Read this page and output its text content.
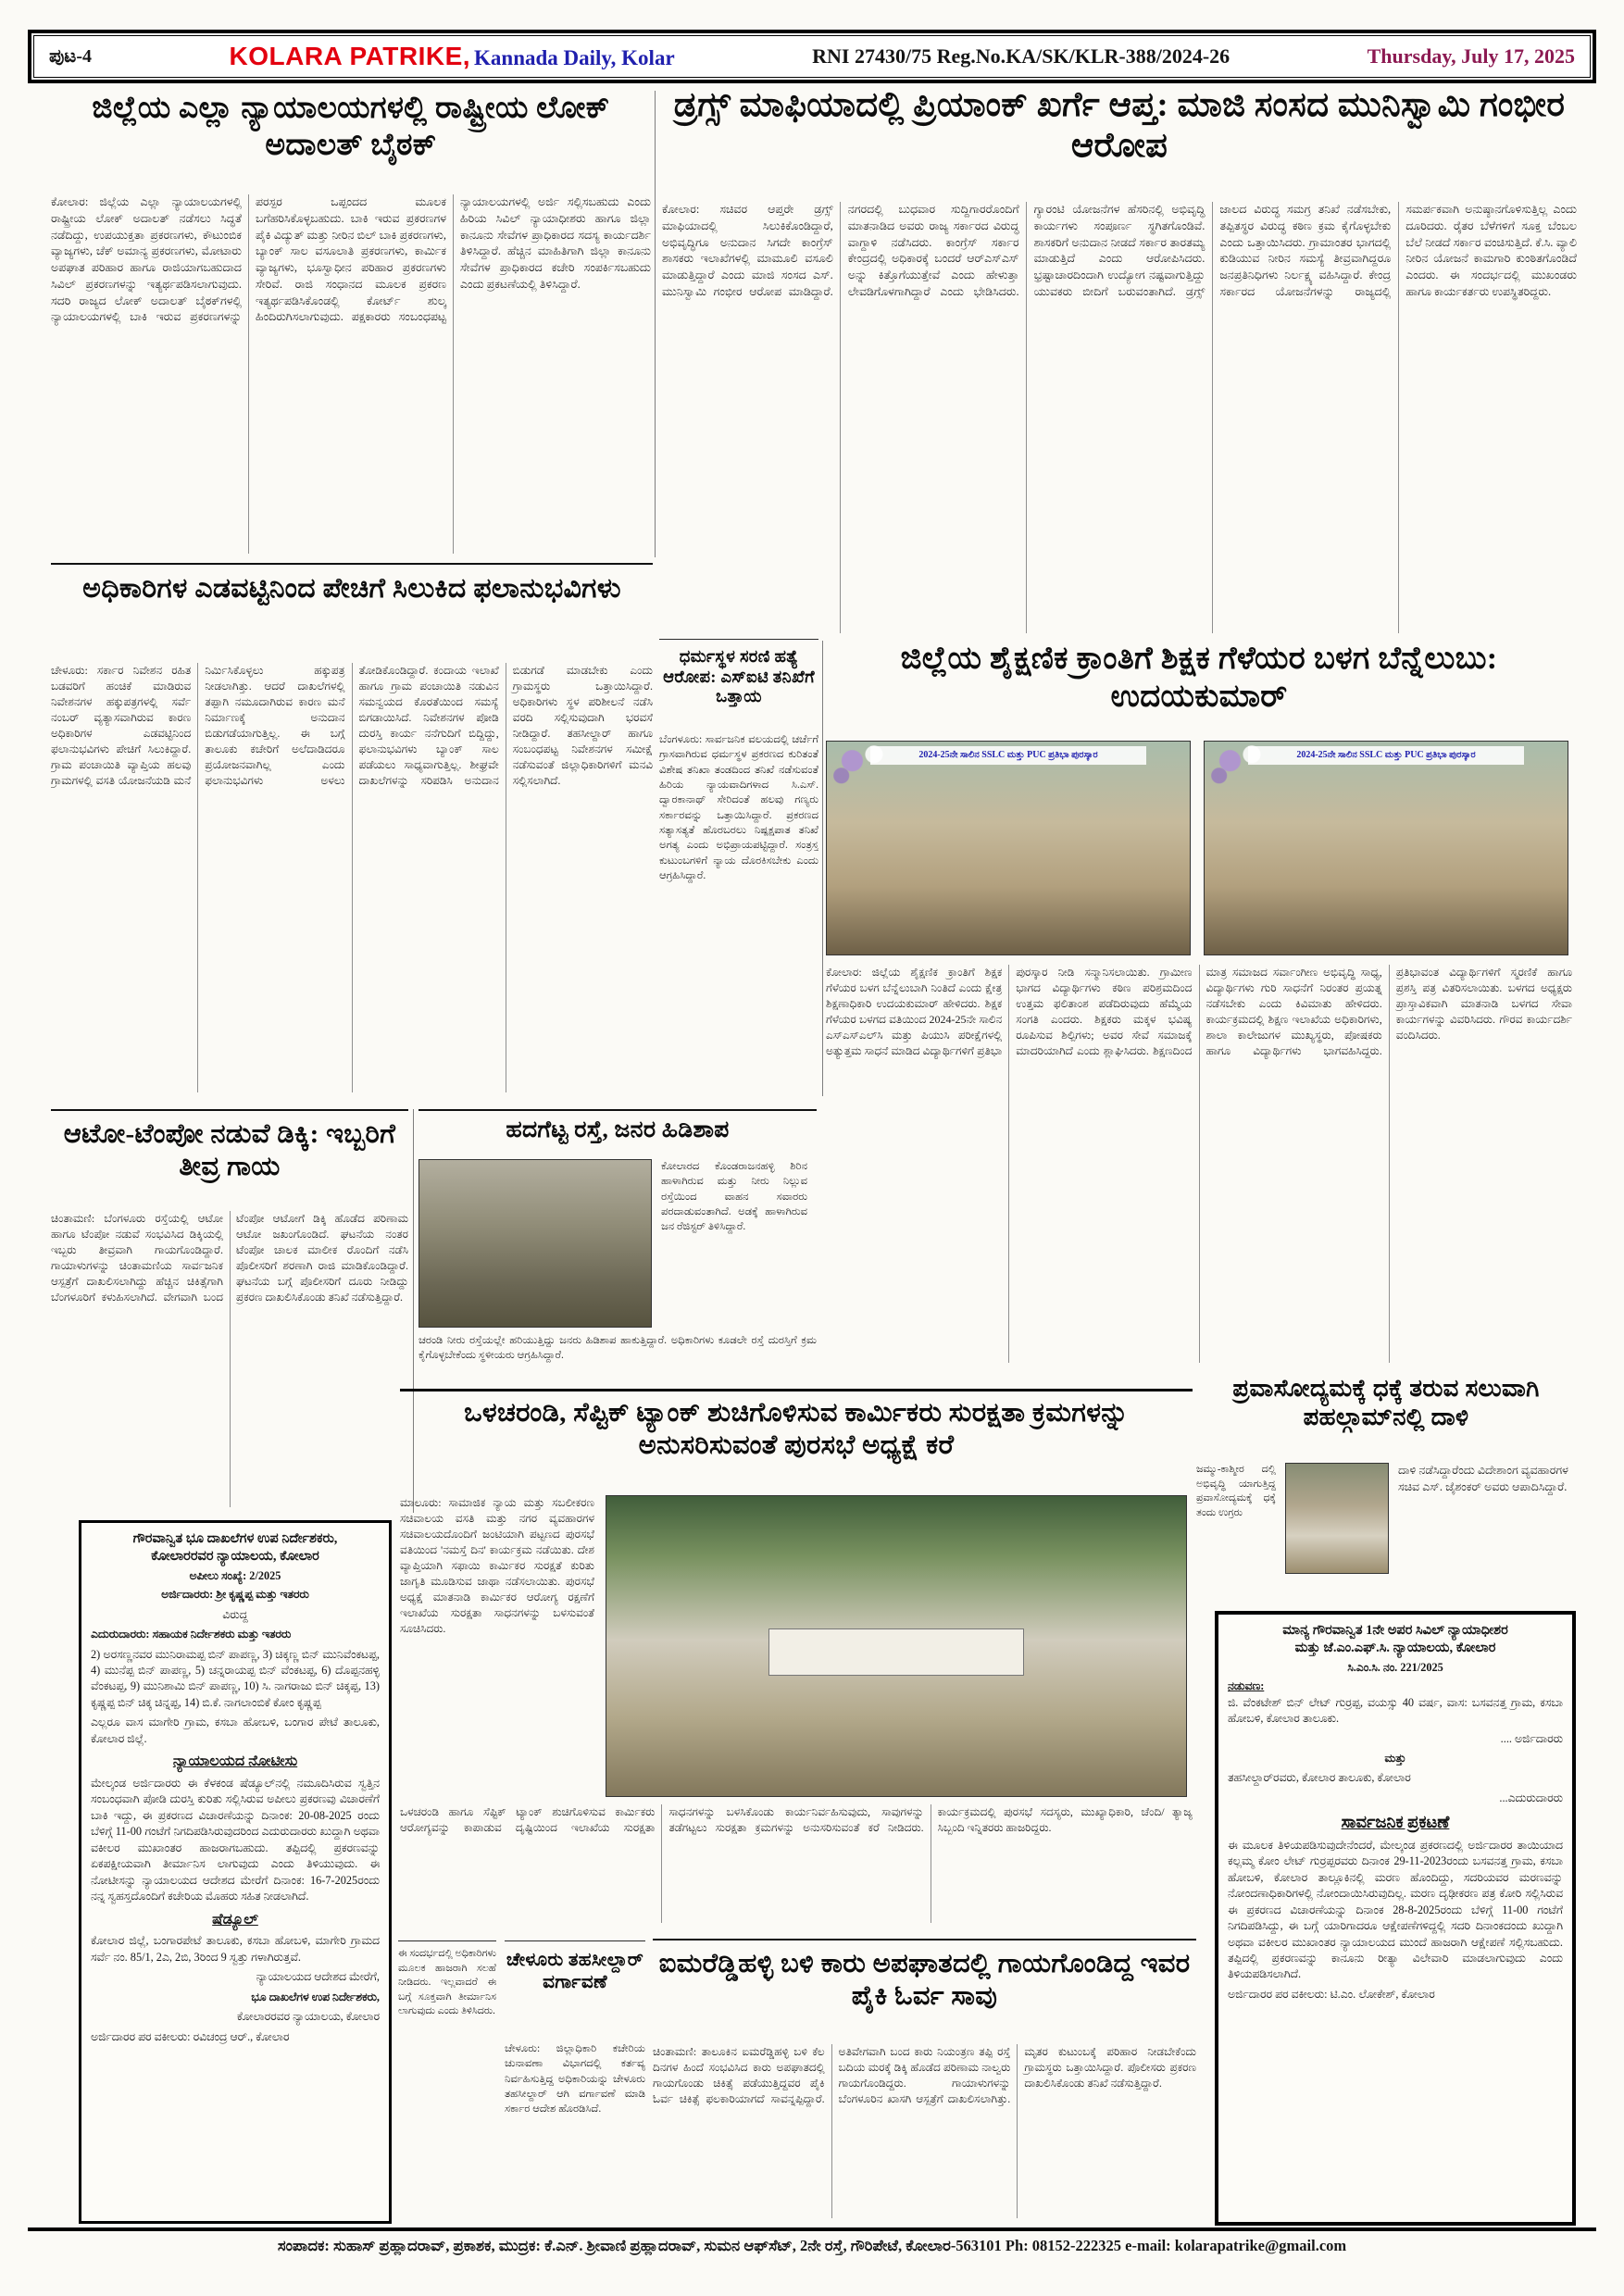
ಪುಟ-4	KOLARA PATRIKE, Kannada Daily, Kolar	RNI 27430/75 Reg.No.KA/SK/KLR-388/2024-26	Thursday, July 17, 2025
ಜಿಲ್ಲೆಯ ಎಲ್ಲಾ ನ್ಯಾಯಾಲಯಗಳಲ್ಲಿ ರಾಷ್ಟ್ರೀಯ ಲೋಕ್ ಅದಾಲತ್ ಬೈಠಕ್
ಕೋಲಾರ: ಜಿಲ್ಲೆಯ ಎಲ್ಲಾ ನ್ಯಾಯಾಲಯಗಳಲ್ಲಿ ರಾಷ್ಟ್ರೀಯ ಲೋಕ್ ಅದಾಲತ್ ನಡೆಸಲು ಸಿದ್ಧತೆ ನಡೆದಿದ್ದು, ಉಪಯುಕ್ತತಾ ಪ್ರಕರಣಗಳು, ಕೌಟುಂಬಿಕ ವ್ಯಾಜ್ಯಗಳು, ಚೆಕ್ ಅಮಾನ್ಯ ಪ್ರಕರಣಗಳು, ಮೋಟಾರು ಅಪಘಾತ ಪರಿಹಾರ ಹಾಗೂ ರಾಜಿಯಾಗಬಹುದಾದ ಸಿವಿಲ್ ಪ್ರಕರಣಗಳನ್ನು ಇತ್ಯರ್ಥಪಡಿಸಲಾಗುವುದು. ಸದರಿ ರಾಜ್ಯದ ಲೋಕ್ ಅದಾಲತ್ ಬೈಠಕ್‌ಗಳಲ್ಲಿ ನ್ಯಾಯಾಲಯಗಳಲ್ಲಿ ಬಾಕಿ ಇರುವ ಪ್ರಕರಣಗಳನ್ನು ಪರಸ್ಪರ ಒಪ್ಪಂದದ ಮೂಲಕ ಬಗೆಹರಿಸಿಕೊಳ್ಳಬಹುದು. ಬಾಕಿ ಇರುವ ಪ್ರಕರಣಗಳ ಪೈಕಿ ವಿದ್ಯುತ್ ಮತ್ತು ನೀರಿನ ಬಿಲ್ ಬಾಕಿ ಪ್ರಕರಣಗಳು, ಬ್ಯಾಂಕ್ ಸಾಲ ವಸೂಲಾತಿ ಪ್ರಕರಣಗಳು, ಕಾರ್ಮಿಕ ವ್ಯಾಜ್ಯಗಳು, ಭೂಸ್ವಾಧೀನ ಪರಿಹಾರ ಪ್ರಕರಣಗಳು ಸೇರಿವೆ. ರಾಜಿ ಸಂಧಾನದ ಮೂಲಕ ಪ್ರಕರಣ ಇತ್ಯರ್ಥಪಡಿಸಿಕೊಂಡಲ್ಲಿ ಕೋರ್ಟ್ ಶುಲ್ಕ ಹಿಂದಿರುಗಿಸಲಾಗುವುದು. ಪಕ್ಷಕಾರರು ಸಂಬಂಧಪಟ್ಟ ನ್ಯಾಯಾಲಯಗಳಲ್ಲಿ ಅರ್ಜಿ ಸಲ್ಲಿಸಬಹುದು ಎಂದು ಹಿರಿಯ ಸಿವಿಲ್ ನ್ಯಾಯಾಧೀಶರು ಹಾಗೂ ಜಿಲ್ಲಾ ಕಾನೂನು ಸೇವೆಗಳ ಪ್ರಾಧಿಕಾರದ ಸದಸ್ಯ ಕಾರ್ಯದರ್ಶಿ ತಿಳಿಸಿದ್ದಾರೆ. ಹೆಚ್ಚಿನ ಮಾಹಿತಿಗಾಗಿ ಜಿಲ್ಲಾ ಕಾನೂನು ಸೇವೆಗಳ ಪ್ರಾಧಿಕಾರದ ಕಚೇರಿ ಸಂಪರ್ಕಿಸಬಹುದು ಎಂದು ಪ್ರಕಟಣೆಯಲ್ಲಿ ತಿಳಿಸಿದ್ದಾರೆ.
ಡ್ರಗ್ಸ್ ಮಾಫಿಯಾದಲ್ಲಿ ಪ್ರಿಯಾಂಕ್ ಖರ್ಗೆ ಆಪ್ತ: ಮಾಜಿ ಸಂಸದ ಮುನಿಸ್ವಾಮಿ ಗಂಭೀರ ಆರೋಪ
ಕೋಲಾರ: ಸಚಿವರ ಆಪ್ತರೇ ಡ್ರಗ್ಸ್ ಮಾಫಿಯಾದಲ್ಲಿ ಸಿಲುಕಿಕೊಂಡಿದ್ದಾರೆ, ಅಭಿವೃದ್ಧಿಗೂ ಅನುದಾನ ಸಿಗದೇ ಕಾಂಗ್ರೆಸ್ ಶಾಸಕರು ಇಲಾಖೆಗಳಲ್ಲಿ ಮಾಮೂಲಿ ವಸೂಲಿ ಮಾಡುತ್ತಿದ್ದಾರೆ ಎಂದು ಮಾಜಿ ಸಂಸದ ಎಸ್. ಮುನಿಸ್ವಾಮಿ ಗಂಭೀರ ಆರೋಪ ಮಾಡಿದ್ದಾರೆ. ನಗರದಲ್ಲಿ ಬುಧವಾರ ಸುದ್ದಿಗಾರರೊಂದಿಗೆ ಮಾತನಾಡಿದ ಅವರು ರಾಜ್ಯ ಸರ್ಕಾರದ ವಿರುದ್ಧ ವಾಗ್ದಾಳಿ ನಡೆಸಿದರು. ಕಾಂಗ್ರೆಸ್ ಸರ್ಕಾರ ಕೇಂದ್ರದಲ್ಲಿ ಅಧಿಕಾರಕ್ಕೆ ಬಂದರೆ ಆರ್‌ಎಸ್‌ಎಸ್ ಅನ್ನು ಕಿತ್ತೊಗೆಯುತ್ತೇವೆ ಎಂದು ಹೇಳುತ್ತಾ ಲೇವಡಿಗೊಳಗಾಗಿದ್ದಾರೆ ಎಂದು ಭೇಡಿಸಿದರು. ಗ್ಯಾರಂಟಿ ಯೋಜನೆಗಳ ಹೆಸರಿನಲ್ಲಿ ಅಭಿವೃದ್ಧಿ ಕಾರ್ಯಗಳು ಸಂಪೂರ್ಣ ಸ್ಥಗಿತಗೊಂಡಿವೆ. ಶಾಸಕರಿಗೆ ಅನುದಾನ ನೀಡದೆ ಸರ್ಕಾರ ತಾರತಮ್ಯ ಮಾಡುತ್ತಿದೆ ಎಂದು ಆರೋಪಿಸಿದರು. ಭ್ರಷ್ಟಾಚಾರದಿಂದಾಗಿ ಉದ್ಯೋಗ ನಷ್ಟವಾಗುತ್ತಿದ್ದು ಯುವಕರು ಬೀದಿಗೆ ಬರುವಂತಾಗಿದೆ. ಡ್ರಗ್ಸ್ ಜಾಲದ ವಿರುದ್ಧ ಸಮಗ್ರ ತನಿಖೆ ನಡೆಸಬೇಕು, ತಪ್ಪಿತಸ್ಥರ ವಿರುದ್ಧ ಕಠಿಣ ಕ್ರಮ ಕೈಗೊಳ್ಳಬೇಕು ಎಂದು ಒತ್ತಾಯಿಸಿದರು. ಗ್ರಾಮಾಂತರ ಭಾಗದಲ್ಲಿ ಕುಡಿಯುವ ನೀರಿನ ಸಮಸ್ಯೆ ತೀವ್ರವಾಗಿದ್ದರೂ ಜನಪ್ರತಿನಿಧಿಗಳು ನಿರ್ಲಕ್ಷ್ಯ ವಹಿಸಿದ್ದಾರೆ. ಕೇಂದ್ರ ಸರ್ಕಾರದ ಯೋಜನೆಗಳನ್ನು ರಾಜ್ಯದಲ್ಲಿ ಸಮರ್ಪಕವಾಗಿ ಅನುಷ್ಠಾನಗೊಳಿಸುತ್ತಿಲ್ಲ ಎಂದು ದೂರಿದರು. ರೈತರ ಬೆಳೆಗಳಿಗೆ ಸೂಕ್ತ ಬೆಂಬಲ ಬೆಲೆ ನೀಡದೆ ಸರ್ಕಾರ ವಂಚಿಸುತ್ತಿದೆ. ಕೆ.ಸಿ. ವ್ಯಾಲಿ ನೀರಿನ ಯೋಜನೆ ಕಾಮಗಾರಿ ಕುಂಠಿತಗೊಂಡಿದೆ ಎಂದರು. ಈ ಸಂದರ್ಭದಲ್ಲಿ ಮುಖಂಡರು ಹಾಗೂ ಕಾರ್ಯಕರ್ತರು ಉಪಸ್ಥಿತರಿದ್ದರು.
ಅಧಿಕಾರಿಗಳ ಎಡವಟ್ಟಿನಿಂದ ಪೇಚಿಗೆ ಸಿಲುಕಿದ ಫಲಾನುಭವಿಗಳು
ಚೇಳೂರು: ಸರ್ಕಾರ ನಿವೇಶನ ರಹಿತ ಬಡವರಿಗೆ ಹಂಚಿಕೆ ಮಾಡಿರುವ ನಿವೇಶನಗಳ ಹಕ್ಕುಪತ್ರಗಳಲ್ಲಿ ಸರ್ವೆ ನಂಬರ್ ವ್ಯತ್ಯಾಸವಾಗಿರುವ ಕಾರಣ ಅಧಿಕಾರಿಗಳ ಎಡವಟ್ಟಿನಿಂದ ಫಲಾನುಭವಿಗಳು ಪೇಚಿಗೆ ಸಿಲುಕಿದ್ದಾರೆ. ಗ್ರಾಮ ಪಂಚಾಯಿತಿ ವ್ಯಾಪ್ತಿಯ ಹಲವು ಗ್ರಾಮಗಳಲ್ಲಿ ವಸತಿ ಯೋಜನೆಯಡಿ ಮನೆ ನಿರ್ಮಿಸಿಕೊಳ್ಳಲು ಹಕ್ಕುಪತ್ರ ನೀಡಲಾಗಿತ್ತು. ಆದರೆ ದಾಖಲೆಗಳಲ್ಲಿ ತಪ್ಪಾಗಿ ನಮೂದಾಗಿರುವ ಕಾರಣ ಮನೆ ನಿರ್ಮಾಣಕ್ಕೆ ಅನುದಾನ ಬಿಡುಗಡೆಯಾಗುತ್ತಿಲ್ಲ. ಈ ಬಗ್ಗೆ ತಾಲೂಕು ಕಚೇರಿಗೆ ಅಲೆದಾಡಿದರೂ ಪ್ರಯೋಜನವಾಗಿಲ್ಲ ಎಂದು ಫಲಾನುಭವಿಗಳು ಅಳಲು ತೋಡಿಕೊಂಡಿದ್ದಾರೆ. ಕಂದಾಯ ಇಲಾಖೆ ಹಾಗೂ ಗ್ರಾಮ ಪಂಚಾಯಿತಿ ನಡುವಿನ ಸಮನ್ವಯದ ಕೊರತೆಯಿಂದ ಸಮಸ್ಯೆ ಬಿಗಡಾಯಿಸಿದೆ. ನಿವೇಶನಗಳ ಪೋಡಿ ದುರಸ್ತಿ ಕಾರ್ಯ ನನೆಗುದಿಗೆ ಬಿದ್ದಿದ್ದು, ಫಲಾನುಭವಿಗಳು ಬ್ಯಾಂಕ್ ಸಾಲ ಪಡೆಯಲು ಸಾಧ್ಯವಾಗುತ್ತಿಲ್ಲ. ಶೀಘ್ರವೇ ದಾಖಲೆಗಳನ್ನು ಸರಿಪಡಿಸಿ ಅನುದಾನ ಬಿಡುಗಡೆ ಮಾಡಬೇಕು ಎಂದು ಗ್ರಾಮಸ್ಥರು ಒತ್ತಾಯಿಸಿದ್ದಾರೆ. ಅಧಿಕಾರಿಗಳು ಸ್ಥಳ ಪರಿಶೀಲನೆ ನಡೆಸಿ ವರದಿ ಸಲ್ಲಿಸುವುದಾಗಿ ಭರವಸೆ ನೀಡಿದ್ದಾರೆ. ತಹಸೀಲ್ದಾರ್ ಹಾಗೂ ಸಂಬಂಧಪಟ್ಟ ನಿವೇಶನಗಳ ಸಮೀಕ್ಷೆ ನಡೆಸುವಂತೆ ಜಿಲ್ಲಾಧಿಕಾರಿಗಳಿಗೆ ಮನವಿ ಸಲ್ಲಿಸಲಾಗಿದೆ.
ಧರ್ಮಸ್ಥಳ ಸರಣಿ ಹತ್ಯೆ ಆರೋಪ: ಎಸ್ಐಟಿ ತನಿಖೆಗೆ ಒತ್ತಾಯ
ಬೆಂಗಳೂರು: ಸಾರ್ವಜನಿಕ ವಲಯದಲ್ಲಿ ಚರ್ಚೆಗೆ ಗ್ರಾಸವಾಗಿರುವ ಧರ್ಮಸ್ಥಳ ಪ್ರಕರಣದ ಕುರಿತಂತೆ ವಿಶೇಷ ತನಿಖಾ ತಂಡದಿಂದ ತನಿಖೆ ನಡೆಸುವಂತೆ ಹಿರಿಯ ನ್ಯಾಯವಾದಿಗಳಾದ ಸಿ.ಎಸ್. ದ್ವಾರಕಾನಾಥ್ ಸೇರಿದಂತೆ ಹಲವು ಗಣ್ಯರು ಸರ್ಕಾರವನ್ನು ಒತ್ತಾಯಿಸಿದ್ದಾರೆ. ಪ್ರಕರಣದ ಸತ್ಯಾಸತ್ಯತೆ ಹೊರಬರಲು ನಿಷ್ಪಕ್ಷಪಾತ ತನಿಖೆ ಅಗತ್ಯ ಎಂದು ಅಭಿಪ್ರಾಯಪಟ್ಟಿದ್ದಾರೆ. ಸಂತ್ರಸ್ತ ಕುಟುಂಬಗಳಿಗೆ ನ್ಯಾಯ ದೊರಕಿಸಬೇಕು ಎಂದು ಆಗ್ರಹಿಸಿದ್ದಾರೆ.
ಜಿಲ್ಲೆಯ ಶೈಕ್ಷಣಿಕ ಕ್ರಾಂತಿಗೆ ಶಿಕ್ಷಕ ಗೆಳೆಯರ ಬಳಗ ಬೆನ್ನೆಲುಬು: ಉದಯಕುಮಾರ್
2024-25ನೇ ಸಾಲಿನ SSLC ಮತ್ತು PUC ಪ್ರತಿಭಾ ಪುರಸ್ಕಾರ	2024-25ನೇ ಸಾಲಿನ SSLC ಮತ್ತು PUC ಪ್ರತಿಭಾ ಪುರಸ್ಕಾರ
ಕೋಲಾರ: ಜಿಲ್ಲೆಯ ಶೈಕ್ಷಣಿಕ ಕ್ರಾಂತಿಗೆ ಶಿಕ್ಷಕ ಗೆಳೆಯರ ಬಳಗ ಬೆನ್ನೆಲುಬಾಗಿ ನಿಂತಿದೆ ಎಂದು ಕ್ಷೇತ್ರ ಶಿಕ್ಷಣಾಧಿಕಾರಿ ಉದಯಕುಮಾರ್ ಹೇಳಿದರು. ಶಿಕ್ಷಕ ಗೆಳೆಯರ ಬಳಗದ ವತಿಯಿಂದ 2024-25ನೇ ಸಾಲಿನ ಎಸ್‌ಎಸ್‌ಎಲ್‌ಸಿ ಮತ್ತು ಪಿಯುಸಿ ಪರೀಕ್ಷೆಗಳಲ್ಲಿ ಅತ್ಯುತ್ತಮ ಸಾಧನೆ ಮಾಡಿದ ವಿದ್ಯಾರ್ಥಿಗಳಿಗೆ ಪ್ರತಿಭಾ ಪುರಸ್ಕಾರ ನೀಡಿ ಸನ್ಮಾನಿಸಲಾಯಿತು. ಗ್ರಾಮೀಣ ಭಾಗದ ವಿದ್ಯಾರ್ಥಿಗಳು ಕಠಿಣ ಪರಿಶ್ರಮದಿಂದ ಉತ್ತಮ ಫಲಿತಾಂಶ ಪಡೆದಿರುವುದು ಹೆಮ್ಮೆಯ ಸಂಗತಿ ಎಂದರು. ಶಿಕ್ಷಕರು ಮಕ್ಕಳ ಭವಿಷ್ಯ ರೂಪಿಸುವ ಶಿಲ್ಪಿಗಳು; ಅವರ ಸೇವೆ ಸಮಾಜಕ್ಕೆ ಮಾದರಿಯಾಗಿದೆ ಎಂದು ಶ್ಲಾಘಿಸಿದರು. ಶಿಕ್ಷಣದಿಂದ ಮಾತ್ರ ಸಮಾಜದ ಸರ್ವಾಂಗೀಣ ಅಭಿವೃದ್ಧಿ ಸಾಧ್ಯ, ವಿದ್ಯಾರ್ಥಿಗಳು ಗುರಿ ಸಾಧನೆಗೆ ನಿರಂತರ ಪ್ರಯತ್ನ ನಡೆಸಬೇಕು ಎಂದು ಕಿವಿಮಾತು ಹೇಳಿದರು. ಕಾರ್ಯಕ್ರಮದಲ್ಲಿ ಶಿಕ್ಷಣ ಇಲಾಖೆಯ ಅಧಿಕಾರಿಗಳು, ಶಾಲಾ ಕಾಲೇಜುಗಳ ಮುಖ್ಯಸ್ಥರು, ಪೋಷಕರು ಹಾಗೂ ವಿದ್ಯಾರ್ಥಿಗಳು ಭಾಗವಹಿಸಿದ್ದರು. ಪ್ರತಿಭಾವಂತ ವಿದ್ಯಾರ್ಥಿಗಳಿಗೆ ಸ್ಮರಣಿಕೆ ಹಾಗೂ ಪ್ರಶಸ್ತಿ ಪತ್ರ ವಿತರಿಸಲಾಯಿತು. ಬಳಗದ ಅಧ್ಯಕ್ಷರು ಪ್ರಾಸ್ತಾವಿಕವಾಗಿ ಮಾತನಾಡಿ ಬಳಗದ ಸೇವಾ ಕಾರ್ಯಗಳನ್ನು ವಿವರಿಸಿದರು. ಗೌರವ ಕಾರ್ಯದರ್ಶಿ ವಂದಿಸಿದರು.
ಆಟೋ-ಟೆಂಪೋ ನಡುವೆ ಡಿಕ್ಕಿ: ಇಬ್ಬರಿಗೆ ತೀವ್ರ ಗಾಯ
ಚಿಂತಾಮಣಿ: ಬೆಂಗಳೂರು ರಸ್ತೆಯಲ್ಲಿ ಆಟೋ ಹಾಗೂ ಟೆಂಪೋ ನಡುವೆ ಸಂಭವಿಸಿದ ಡಿಕ್ಕಿಯಲ್ಲಿ ಇಬ್ಬರು ತೀವ್ರವಾಗಿ ಗಾಯಗೊಂಡಿದ್ದಾರೆ. ಗಾಯಾಳುಗಳನ್ನು ಚಿಂತಾಮಣಿಯ ಸಾರ್ವಜನಿಕ ಆಸ್ಪತ್ರೆಗೆ ದಾಖಲಿಸಲಾಗಿದ್ದು ಹೆಚ್ಚಿನ ಚಿಕಿತ್ಸೆಗಾಗಿ ಬೆಂಗಳೂರಿಗೆ ಕಳುಹಿಸಲಾಗಿದೆ. ವೇಗವಾಗಿ ಬಂದ ಟೆಂಪೋ ಆಟೋಗೆ ಡಿಕ್ಕಿ ಹೊಡೆದ ಪರಿಣಾಮ ಆಟೋ ಜಖಂಗೊಂಡಿದೆ. ಘಟನೆಯ ನಂತರ ಟೆಂಪೋ ಚಾಲಕ ಮಾಲೀಕ ರೊಂದಿಗೆ ನಡೆಸಿ ಪೊಲೀಸರಿಗೆ ಶರಣಾಗಿ ರಾಜಿ ಮಾಡಿಕೊಂಡಿದ್ದಾರೆ. ಘಟನೆಯ ಬಗ್ಗೆ ಪೊಲೀಸರಿಗೆ ದೂರು ನೀಡಿದ್ದು ಪ್ರಕರಣ ದಾಖಲಿಸಿಕೊಂಡು ತನಿಖೆ ನಡೆಸುತ್ತಿದ್ದಾರೆ.
ಹದಗೆಟ್ಟ ರಸ್ತೆ, ಜನರ ಹಿಡಿಶಾಪ
ಕೋಲಾರದ ಕೊಂಡರಾಜನಹಳ್ಳಿ ಶಿರಿನ ಹಾಳಾಗಿರುವ ಮತ್ತು ನೀರು ನಿಲ್ಲುವ ರಸ್ತೆಯಿಂದ ವಾಹನ ಸವಾರರು ಪರದಾಡುವಂತಾಗಿದೆ. ಅಡಕ್ಕೆ ಹಾಳಾಗಿರುವ ಜನ ರೆಜಿಸ್ಟರ್ ತಿಳಿಸಿದ್ದಾರೆ.
ಚರಂಡಿ ನೀರು ರಸ್ತೆಯಲ್ಲೇ ಹರಿಯುತ್ತಿದ್ದು ಜನರು ಹಿಡಿಶಾಪ ಹಾಕುತ್ತಿದ್ದಾರೆ. ಅಧಿಕಾರಿಗಳು ಕೂಡಲೇ ರಸ್ತೆ ದುರಸ್ತಿಗೆ ಕ್ರಮ ಕೈಗೊಳ್ಳಬೇಕೆಂದು ಸ್ಥಳೀಯರು ಆಗ್ರಹಿಸಿದ್ದಾರೆ.
ಒಳಚರಂಡಿ, ಸೆಪ್ಟಿಕ್ ಟ್ಯಾಂಕ್ ಶುಚಿಗೊಳಿಸುವ ಕಾರ್ಮಿಕರು ಸುರಕ್ಷತಾ ಕ್ರಮಗಳನ್ನು ಅನುಸರಿಸುವಂತೆ ಪುರಸಭೆ ಅಧ್ಯಕ್ಷೆ ಕರೆ
ಮಾಲೂರು: ಸಾಮಾಜಿಕ ನ್ಯಾಯ ಮತ್ತು ಸಬಲೀಕರಣ ಸಚಿವಾಲಯ ವಸತಿ ಮತ್ತು ನಗರ ವ್ಯವಹಾರಗಳ ಸಚಿವಾಲಯದೊಂದಿಗೆ ಜಂಟಿಯಾಗಿ ಪಟ್ಟಣದ ಪುರಸಭೆ ವತಿಯಿಂದ 'ನಮಸ್ತೆ ದಿನ' ಕಾರ್ಯಕ್ರಮ ನಡೆಯಿತು. ದೇಶ ವ್ಯಾಪ್ತಿಯಾಗಿ ಸಫಾಯಿ ಕಾರ್ಮಿಕರ ಸುರಕ್ಷತೆ ಕುರಿತು ಜಾಗೃತಿ ಮೂಡಿಸುವ ಜಾಥಾ ನಡೆಸಲಾಯಿತು. ಪುರಸಭೆ ಅಧ್ಯಕ್ಷೆ ಮಾತನಾಡಿ ಕಾರ್ಮಿಕರ ಆರೋಗ್ಯ ರಕ್ಷಣೆಗೆ ಇಲಾಖೆಯ ಸುರಕ್ಷತಾ ಸಾಧನಗಳನ್ನು ಬಳಸುವಂತೆ ಸೂಚಿಸಿದರು.
ಒಳಚರಂಡಿ ಹಾಗೂ ಸೆಪ್ಟಿಕ್ ಟ್ಯಾಂಕ್ ಶುಚಿಗೊಳಿಸುವ ಕಾರ್ಮಿಕರು ಆರೋಗ್ಯವನ್ನು ಕಾಪಾಡುವ ದೃಷ್ಟಿಯಿಂದ ಇಲಾಖೆಯ ಸುರಕ್ಷತಾ ಸಾಧನಗಳನ್ನು ಬಳಸಿಕೊಂಡು ಕಾರ್ಯನಿರ್ವಹಿಸುವುದು, ಸಾವುಗಳನ್ನು ತಡೆಗಟ್ಟಲು ಸುರಕ್ಷತಾ ಕ್ರಮಗಳನ್ನು ಅನುಸರಿಸುವಂತೆ ಕರೆ ನೀಡಿದರು. ಕಾರ್ಯಕ್ರಮದಲ್ಲಿ ಪುರಸಭೆ ಸದಸ್ಯರು, ಮುಖ್ಯಾಧಿಕಾರಿ, ಚೆಂದಿ/ ತ್ಯಾಜ್ಯ ಸಿಬ್ಬಂದಿ ಇನ್ನಿತರರು ಹಾಜರಿದ್ದರು.
ಪ್ರವಾಸೋದ್ಯಮಕ್ಕೆ ಧಕ್ಕೆ ತರುವ ಸಲುವಾಗಿ ಪಹಲ್ಗಾಮ್‌ನಲ್ಲಿ ದಾಳಿ
ಜಮ್ಮು-ಕಾಶ್ಮೀರ ದಲ್ಲಿ ಅಭಿವೃದ್ಧಿ ಯಾಗುತ್ತಿದ್ದ ಪ್ರವಾಸೋದ್ಯಮಕ್ಕೆ ಧಕ್ಕೆ ತಂದು ಉಗ್ರರು
ದಾಳಿ ನಡೆಸಿದ್ದಾರೆಂದು ವಿದೇಶಾಂಗ ವ್ಯವಹಾರಗಳ ಸಚಿವ ಎಸ್. ಜೈಶಂಕರ್ ಅವರು ಆಪಾದಿಸಿದ್ದಾರೆ.
ಗೌರವಾನ್ವಿತ ಭೂ ದಾಖಲೆಗಳ ಉಪ ನಿರ್ದೇಶಕರು,
ಕೋಲಾರರವರ ನ್ಯಾಯಾಲಯ, ಕೋಲಾರ
ಅಪೀಲು ಸಂಖ್ಯೆ: 2/2025

ಅರ್ಜಿದಾರರು: ಶ್ರೀ ಕೃಷ್ಣಪ್ಪ ಮತ್ತು ಇತರರು

ವಿರುದ್ದ

ಎದುರುದಾರರು: ಸಹಾಯಕ ನಿರ್ದೇಶಕರು ಮತ್ತು ಇತರರು

2) ಅರಸಣ್ಣನವರ ಮುನಿರಾಮಪ್ಪ ಬಿನ್ ಪಾಪಣ್ಣ, 3) ಚಿಕ್ಕಣ್ಣ ಬಿನ್ ಮುನಿವೆಂಕಟಪ್ಪ, 4) ಮುನೆಪ್ಪ ಬಿನ್ ಪಾಪಣ್ಣ, 5) ಚನ್ನರಾಯಪ್ಪ ಬಿನ್ ವೆಂಕಟಪ್ಪ, 6) ದೊಪ್ಪನಹಳ್ಳಿ ವೆಂಕಟಪ್ಪ, 9) ಮುನಿಶಾಮಿ ಬಿನ್ ಪಾಪಣ್ಣ, 10) ಸಿ. ನಾಗರಾಜು ಬಿನ್ ಚಿಕ್ಕಪ್ಪ, 13) ಕೃಷ್ಣಪ್ಪ ಬಿನ್ ಚಿಕ್ಕ ಚಿನ್ನಪ್ಪ, 14) ಬಿ.ಕೆ. ನಾಗಲಾಂಬಿಕೆ ಕೋಂ ಕೃಷ್ಣಪ್ಪ

ಎಲ್ಲರೂ ವಾಸ ಮಾಗೇರಿ ಗ್ರಾಮ, ಕಸಬಾ ಹೋಬಳಿ, ಬಂಗಾರ ಪೇಟೆ ತಾಲೂಕು, ಕೋಲಾರ ಜಿಲ್ಲೆ.

ನ್ಯಾಯಾಲಯದ ನೋಟೀಸು

ಮೇಲ್ಕಂಡ ಅರ್ಜಿದಾರರು ಈ ಕೆಳಕಂಡ ಷೆಡ್ಯೂಲ್‌ನಲ್ಲಿ ನಮೂದಿಸಿರುವ ಸ್ವತ್ತಿನ ಸಂಬಂಧವಾಗಿ ಪೋಡಿ ದುರಸ್ತಿ ಕುರಿತು ಸಲ್ಲಿಸಿರುವ ಅಪೀಲು ಪ್ರಕರಣವು ವಿಚಾರಣೆಗೆ ಬಾಕಿ ಇದ್ದು, ಈ ಪ್ರಕರಣದ ವಿಚಾರಣೆಯನ್ನು ದಿನಾಂಕ: 20-08-2025 ರಂದು ಬೆಳಿಗ್ಗೆ 11-00 ಗಂಟೆಗೆ ನಿಗದಿಪಡಿಸಿರುವುದರಿಂದ ಎದುರುದಾರರು ಖುದ್ದಾಗಿ ಅಥವಾ ವಕೀಲರ ಮುಖಾಂತರ ಹಾಜರಾಗಬಹುದು. ತಪ್ಪಿದಲ್ಲಿ ಪ್ರಕರಣವನ್ನು ಏಕಪಕ್ಷೀಯವಾಗಿ ತೀರ್ಮಾನಿಸ ಲಾಗುವುದು ಎಂದು ತಿಳಿಯುವುದು. ಈ ನೋಟೀಸನ್ನು ನ್ಯಾಯಾಲಯದ ಆದೇಶದ ಮೇರೆಗೆ ದಿನಾಂಕ: 16-7-2025ರಂದು ನನ್ನ ಸ್ವಹಸ್ತದೊಂದಿಗೆ ಕಚೇರಿಯ ಮೊಹರು ಸಹಿತ ನೀಡಲಾಗಿದೆ.

ಷೆಡ್ಯೂಲ್

ಕೋಲಾರ ಜಿಲ್ಲೆ, ಬಂಗಾರಪೇಟೆ ತಾಲೂಕು, ಕಸಬಾ ಹೋಬಳಿ, ಮಾಗೇರಿ ಗ್ರಾಮದ ಸರ್ವೆ ನಂ. 85/1, 2ಎ, 2ಬಿ, 3ರಿಂದ 9 ಸ್ವತ್ತು ಗಳಾಗಿರುತ್ತವೆ.

ನ್ಯಾಯಾಲಯದ ಆದೇಶದ ಮೇರೆಗೆ,

ಭೂ ದಾಖಲೆಗಳ ಉಪ ನಿರ್ದೇಶಕರು,

ಕೋಲಾರರವರ ನ್ಯಾಯಾಲಯ, ಕೋಲಾರ

ಅರ್ಜಿದಾರರ ಪರ ವಕೀಲರು: ರವಿಚಂದ್ರ ಆರ್., ಕೋಲಾರ

ಮಾನ್ಯ ಗೌರವಾನ್ವಿತ 1ನೇ ಅಪರ ಸಿವಿಲ್ ನ್ಯಾಯಾಧೀಶರ
ಮತ್ತು ಜೆ.ಎಂ.ಎಫ್.ಸಿ. ನ್ಯಾಯಾಲಯ, ಕೋಲಾರ
ಸಿ.ಎಂ.ಸಿ. ನಂ. 221/2025
ನಡುವಣ:

ಜಿ. ವೆಂಕಟೇಶ್ ಬಿನ್ ಲೇಟ್ ಗುರ್ರಪ್ಪ, ವಯಸ್ಸು 40 ವರ್ಷ, ವಾಸ: ಬಸವನತ್ತ ಗ್ರಾಮ, ಕಸಬಾ ಹೋಬಳಿ, ಕೋಲಾರ ತಾಲೂಕು.

.... ಅರ್ಜಿದಾರರು

ಮತ್ತು

ತಹಸೀಲ್ದಾರ್‌ರವರು, ಕೋಲಾರ ತಾಲೂಕು, ಕೋಲಾರ

...ಎದುರುದಾರರು

ಸಾರ್ವಜನಿಕ ಪ್ರಕಟಣೆ

ಈ ಮೂಲಕ ತಿಳಿಯಪಡಿಸುವುದೇನೆಂದರೆ, ಮೇಲ್ಕಂಡ ಪ್ರಕರಣದಲ್ಲಿ ಅರ್ಜಿದಾರರ ತಾಯಿಯಾದ ಕಲ್ಲಮ್ಮ ಕೋಂ ಲೇಟ್ ಗುರ್ರಪ್ಪರವರು ದಿನಾಂಕ 29-11-2023ರಂದು ಬಸವನತ್ತ ಗ್ರಾಮ, ಕಸಬಾ ಹೋಬಳಿ, ಕೋಲಾರ ತಾಲ್ಲೂಕಿನಲ್ಲಿ ಮರಣ ಹೊಂದಿದ್ದು, ಸದರಿಯವರ ಮರಣವನ್ನು ನೋಂದಣಾಧಿಕಾರಿಗಳಲ್ಲಿ ನೋಂದಾಯಿಸಿರುವುದಿಲ್ಲ. ಮರಣ ದೃಢೀಕರಣ ಪತ್ರ ಕೋರಿ ಸಲ್ಲಿಸಿರುವ ಈ ಪ್ರಕರಣದ ವಿಚಾರಣೆಯನ್ನು ದಿನಾಂಕ 28-8-2025ರಂದು ಬೆಳಿಗ್ಗೆ 11-00 ಗಂಟೆಗೆ ನಿಗದಿಪಡಿಸಿದ್ದು, ಈ ಬಗ್ಗೆ ಯಾರಿಗಾದರೂ ಆಕ್ಷೇಪಣೆಗಳಿದ್ದಲ್ಲಿ ಸದರಿ ದಿನಾಂಕದಂದು ಖುದ್ದಾಗಿ ಅಥವಾ ವಕೀಲರ ಮುಖಾಂತರ ನ್ಯಾಯಾಲಯದ ಮುಂದೆ ಹಾಜರಾಗಿ ಆಕ್ಷೇಪಣೆ ಸಲ್ಲಿಸಬಹುದು. ತಪ್ಪಿದಲ್ಲಿ ಪ್ರಕರಣವನ್ನು ಕಾನೂನು ರೀತ್ಯಾ ವಿಲೇವಾರಿ ಮಾಡಲಾಗುವುದು ಎಂದು ತಿಳಿಯಪಡಿಸಲಾಗಿದೆ.

ಅರ್ಜಿದಾರರ ಪರ ವಕೀಲರು: ಟಿ.ಎಂ. ಲೋಕೇಶ್, ಕೋಲಾರ

ಈ ಸಂದರ್ಭದಲ್ಲಿ ಅಧಿಕಾರಿಗಳು ಮೂಲಕ ಹಾಜರಾಗಿ ಸಲಹೆ ನೀಡಿದರು. ಇಲ್ಲವಾದರೆ ಈ ಬಗ್ಗೆ ಸೂಕ್ತವಾಗಿ ತೀರ್ಮಾನಿಸ ಲಾಗುವುದು ಎಂದು ತಿಳಿಸಿದರು.
ಚೇಳೂರು ತಹಸೀಲ್ದಾರ್ ವರ್ಗಾವಣೆ
ಚೇಳೂರು: ಜಿಲ್ಲಾಧಿಕಾರಿ ಕಚೇರಿಯ ಚುನಾವಣಾ ವಿಭಾಗದಲ್ಲಿ ಕರ್ತವ್ಯ ನಿರ್ವಹಿಸುತ್ತಿದ್ದ ಅಧಿಕಾರಿಯನ್ನು ಚೇಳೂರು ತಹಸೀಲ್ದಾರ್ ಆಗಿ ವರ್ಗಾವಣೆ ಮಾಡಿ ಸರ್ಕಾರ ಆದೇಶ ಹೊರಡಿಸಿದೆ.
ಐಮರೆಡ್ಡಿಹಳ್ಳಿ ಬಳಿ ಕಾರು ಅಪಘಾತದಲ್ಲಿ ಗಾಯಗೊಂಡಿದ್ದ ಇವರ ಪೈಕಿ ಓರ್ವ ಸಾವು
ಚಿಂತಾಮಣಿ: ತಾಲೂಕಿನ ಐಮರೆಡ್ಡಿಹಳ್ಳಿ ಬಳಿ ಕೆಲ ದಿನಗಳ ಹಿಂದೆ ಸಂಭವಿಸಿದ ಕಾರು ಅಪಘಾತದಲ್ಲಿ ಗಾಯಗೊಂಡು ಚಿಕಿತ್ಸೆ ಪಡೆಯುತ್ತಿದ್ದವರ ಪೈಕಿ ಓರ್ವ ಚಿಕಿತ್ಸೆ ಫಲಕಾರಿಯಾಗದೆ ಸಾವನ್ನಪ್ಪಿದ್ದಾರೆ. ಅತಿವೇಗವಾಗಿ ಬಂದ ಕಾರು ನಿಯಂತ್ರಣ ತಪ್ಪಿ ರಸ್ತೆ ಬದಿಯ ಮರಕ್ಕೆ ಡಿಕ್ಕಿ ಹೊಡೆದ ಪರಿಣಾಮ ನಾಲ್ವರು ಗಾಯಗೊಂಡಿದ್ದರು. ಗಾಯಾಳುಗಳನ್ನು ಬೆಂಗಳೂರಿನ ಖಾಸಗಿ ಆಸ್ಪತ್ರೆಗೆ ದಾಖಲಿಸಲಾಗಿತ್ತು. ಮೃತರ ಕುಟುಂಬಕ್ಕೆ ಪರಿಹಾರ ನೀಡಬೇಕೆಂದು ಗ್ರಾಮಸ್ಥರು ಒತ್ತಾಯಿಸಿದ್ದಾರೆ. ಪೊಲೀಸರು ಪ್ರಕರಣ ದಾಖಲಿಸಿಕೊಂಡು ತನಿಖೆ ನಡೆಸುತ್ತಿದ್ದಾರೆ.
ಸಂಪಾದಕ: ಸುಹಾಸ್ ಪ್ರಹ್ಲಾದರಾವ್, ಪ್ರಕಾಶಕ, ಮುದ್ರಕ: ಕೆ.ಎನ್. ಶ್ರೀವಾಣಿ ಪ್ರಹ್ಲಾದರಾವ್, ಸುಮನ ಆಫ್‌ಸೆಟ್, 2ನೇ ರಸ್ತೆ, ಗೌರಿಪೇಟೆ, ಕೋಲಾರ-563101 Ph: 08152-222325 e-mail: kolarapatrike@gmail.com
